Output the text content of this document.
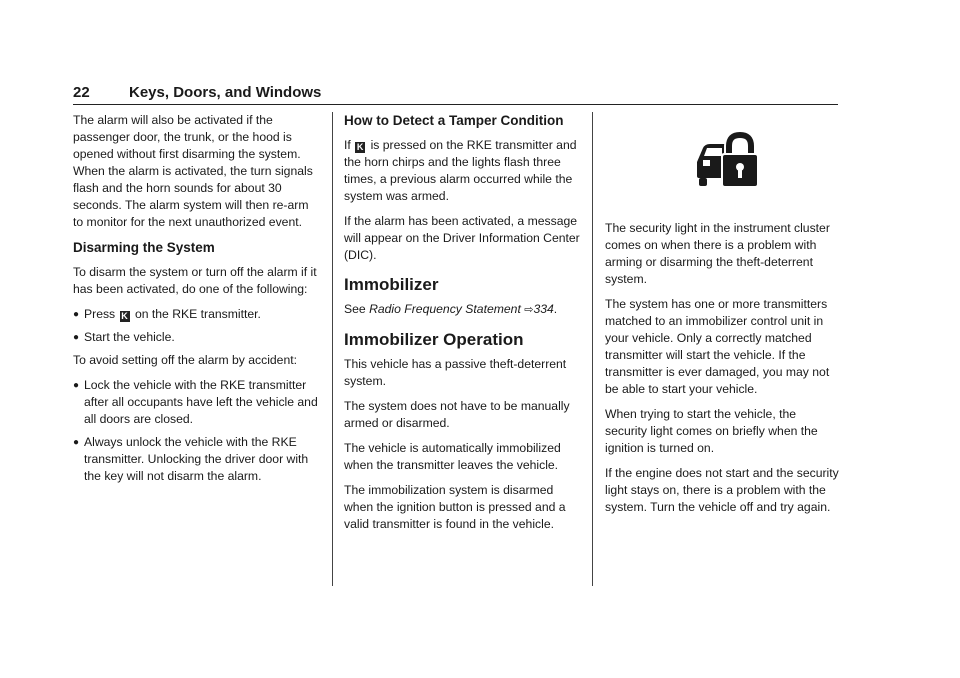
22	Keys, Doors, and Windows

The alarm will also be activated if the passenger door, the trunk, or the hood is opened without first disarming the system. When the alarm is activated, the turn signals flash and the horn sounds for about 30 seconds. The alarm system will then re-arm to monitor for the next unauthorized event.

Disarming the System

To disarm the system or turn off the alarm if it has been activated, do one of the following:

● Press K on the RKE transmitter.
● Start the vehicle.

To avoid setting off the alarm by accident:

● Lock the vehicle with the RKE transmitter after all occupants have left the vehicle and all doors are closed.
● Always unlock the vehicle with the RKE transmitter. Unlocking the driver door with the key will not disarm the alarm.
How to Detect a Tamper Condition

If K is pressed on the RKE transmitter and the horn chirps and the lights flash three times, a previous alarm occurred while the system was armed.

If the alarm has been activated, a message will appear on the Driver Information Center (DIC).

Immobilizer

See Radio Frequency Statement ⇨334.

Immobilizer Operation

This vehicle has a passive theft-deterrent system.

The system does not have to be manually armed or disarmed.

The vehicle is automatically immobilized when the transmitter leaves the vehicle.

The immobilization system is disarmed when the ignition button is pressed and a valid transmitter is found in the vehicle.

The security light in the instrument cluster comes on when there is a problem with arming or disarming the theft-deterrent system.

The system has one or more transmitters matched to an immobilizer control unit in your vehicle. Only a correctly matched transmitter will start the vehicle. If the transmitter is ever damaged, you may not be able to start your vehicle.

When trying to start the vehicle, the security light comes on briefly when the ignition is turned on.

If the engine does not start and the security light stays on, there is a problem with the system. Turn the vehicle off and try again.
